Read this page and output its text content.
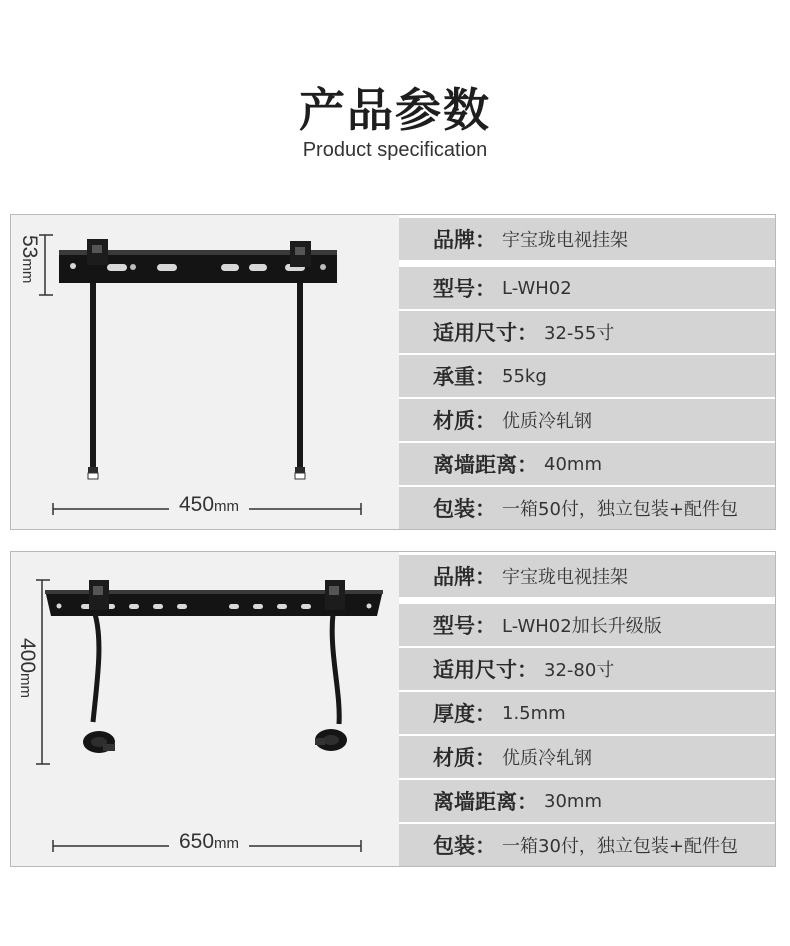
产品参数
Product specification
53mm
450mm
品牌： 宇宝珑电视挂架
型号： L-WH02
适用尺寸： 32-55寸
承重： 55kg
材质： 优质冷轧钢
离墙距离： 40mm
包装： 一箱50付，独立包装+配件包
400mm
650mm
品牌： 宇宝珑电视挂架
型号： L-WH02加长升级版
适用尺寸： 32-80寸
厚度： 1.5mm
材质： 优质冷轧钢
离墙距离： 30mm
包装： 一箱30付，独立包装+配件包
